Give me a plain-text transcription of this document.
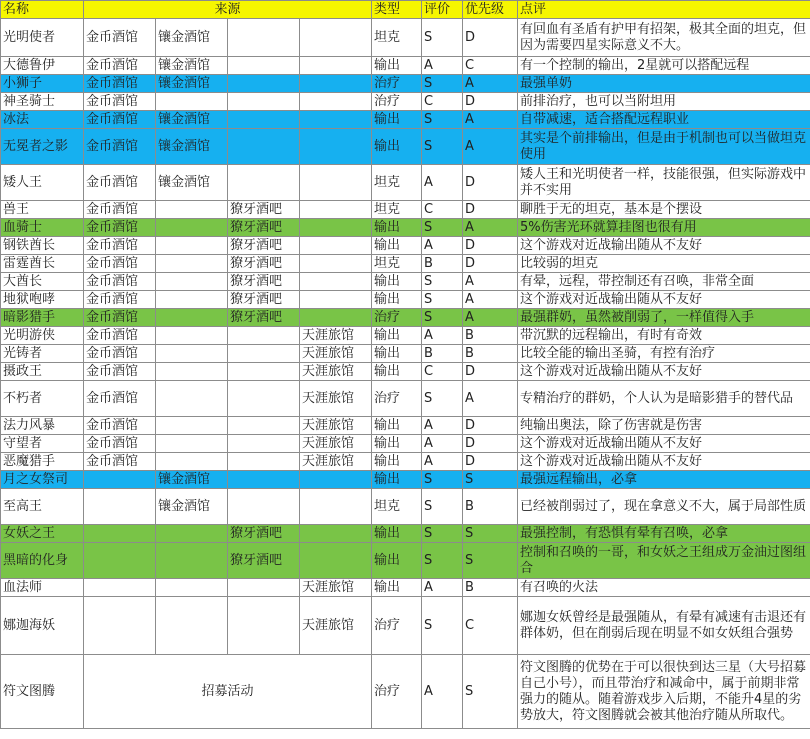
名称	来源				类型	评价	优先级	点评
光明使者	金币酒馆	镶金酒馆			坦克	S	D	有回血有圣盾有护甲有招架，极其全面的坦克，但因为需要四星实际意义不大。
大德鲁伊	金币酒馆	镶金酒馆			输出	A	C	有一个控制的输出，2星就可以搭配远程
小狮子	金币酒馆	镶金酒馆			治疗	S	A	最强单奶
神圣骑士	金币酒馆				治疗	C	D	前排治疗，也可以当附坦用
冰法	金币酒馆	镶金酒馆			输出	S	A	自带减速，适合搭配远程职业
无冕者之影	金币酒馆	镶金酒馆			输出	S	A	其实是个前排输出，但是由于机制也可以当做坦克使用
矮人王	金币酒馆	镶金酒馆			坦克	A	D	矮人王和光明使者一样，技能很强，但实际游戏中并不实用
兽王	金币酒馆		獠牙酒吧		坦克	C	D	聊胜于无的坦克，基本是个摆设
血骑士	金币酒馆		獠牙酒吧		输出	S	A	5%伤害光环就算挂图也很有用
钢铁酋长	金币酒馆		獠牙酒吧		输出	A	D	这个游戏对近战输出随从不友好
雷霆酋长	金币酒馆		獠牙酒吧		坦克	B	D	比较弱的坦克
大酋长	金币酒馆		獠牙酒吧		输出	S	A	有晕，远程，带控制还有召唤，非常全面
地狱咆哮	金币酒馆		獠牙酒吧		输出	S	A	这个游戏对近战输出随从不友好
暗影猎手	金币酒馆		獠牙酒吧		治疗	S	A	最强群奶，虽然被削弱了，一样值得入手
光明游侠	金币酒馆			天涯旅馆	输出	A	B	带沉默的远程输出，有时有奇效
光铸者	金币酒馆			天涯旅馆	输出	B	B	比较全能的输出圣骑，有控有治疗
摄政王	金币酒馆			天涯旅馆	输出	C	D	这个游戏对近战输出随从不友好
不朽者	金币酒馆			天涯旅馆	治疗	S	A	专精治疗的群奶，个人认为是暗影猎手的替代品
法力风暴	金币酒馆			天涯旅馆	输出	A	D	纯输出奥法，除了伤害就是伤害
守望者	金币酒馆			天涯旅馆	输出	A	D	这个游戏对近战输出随从不友好
恶魔猎手	金币酒馆			天涯旅馆	输出	A	D	这个游戏对近战输出随从不友好
月之女祭司		镶金酒馆			输出	S	S	最强远程输出，必拿
至高王		镶金酒馆			坦克	S	B	已经被削弱过了，现在拿意义不大，属于局部性质
女妖之王			獠牙酒吧		输出	S	S	最强控制，有恐惧有晕有召唤，必拿
黑暗的化身			獠牙酒吧		输出	S	S	控制和召唤的一哥，和女妖之王组成万金油过图组合
血法师				天涯旅馆	输出	A	B	有召唤的火法
娜迦海妖				天涯旅馆	治疗	S	C	娜迦女妖曾经是最强随从，有晕有减速有击退还有群体奶，但在削弱后现在明显不如女妖组合强势
符文图腾	招募活动				治疗	A	S	符文图腾的优势在于可以很快到达三星（大号招募自己小号），而且带治疗和减命中，属于前期非常强力的随从。随着游戏步入后期，不能升4星的劣势放大，符文图腾就会被其他治疗随从所取代。
